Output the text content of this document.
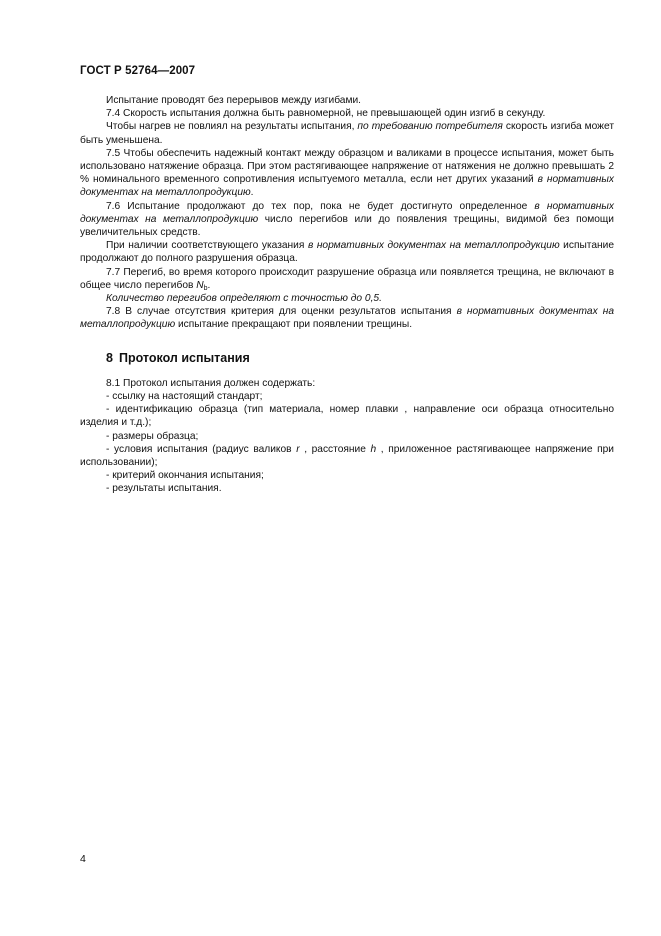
ГОСТ Р 52764—2007

Испытание проводят без перерывов между изгибами.

7.4 Скорость испытания должна быть равномерной, не превышающей один изгиб в секунду.

Чтобы нагрев не повлиял на результаты испытания, по требованию потребителя скорость изгиба может быть уменьшена.

7.5 Чтобы обеспечить надежный контакт между образцом и валиками в процессе испытания, может быть использовано натяжение образца. При этом растягивающее напряжение от натяжения не должно превышать 2 % номинального временного сопротивления испытуемого металла, если нет других указаний в нормативных документах на металлопродукцию.

7.6 Испытание продолжают до тех пор, пока не будет достигнуто определенное в нормативных документах на металлопродукцию число перегибов или до появления трещины, видимой без помощи увеличительных средств.

При наличии соответствующего указания в нормативных документах на металлопродукцию испытание продолжают до полного разрушения образца.

7.7 Перегиб, во время которого происходит разрушение образца или появляется трещина, не включают в общее число перегибов $N_b$.

Количество перегибов определяют с точностью до 0,5.

7.8 В случае отсутствия критерия для оценки результатов испытания в нормативных документах на металлопродукцию испытание прекращают при появлении трещины.

8 Протокол испытания

8.1 Протокол испытания должен содержать:

- ссылку на настоящий стандарт;

- идентификацию образца (тип материала, номер плавки , направление оси образца относительно изделия и т.д.);

- размеры образца;

- условия испытания (радиус валиков r , расстояние h , приложенное растягивающее напряжение при использовании);

- критерий окончания испытания;

- результаты испытания.

4
